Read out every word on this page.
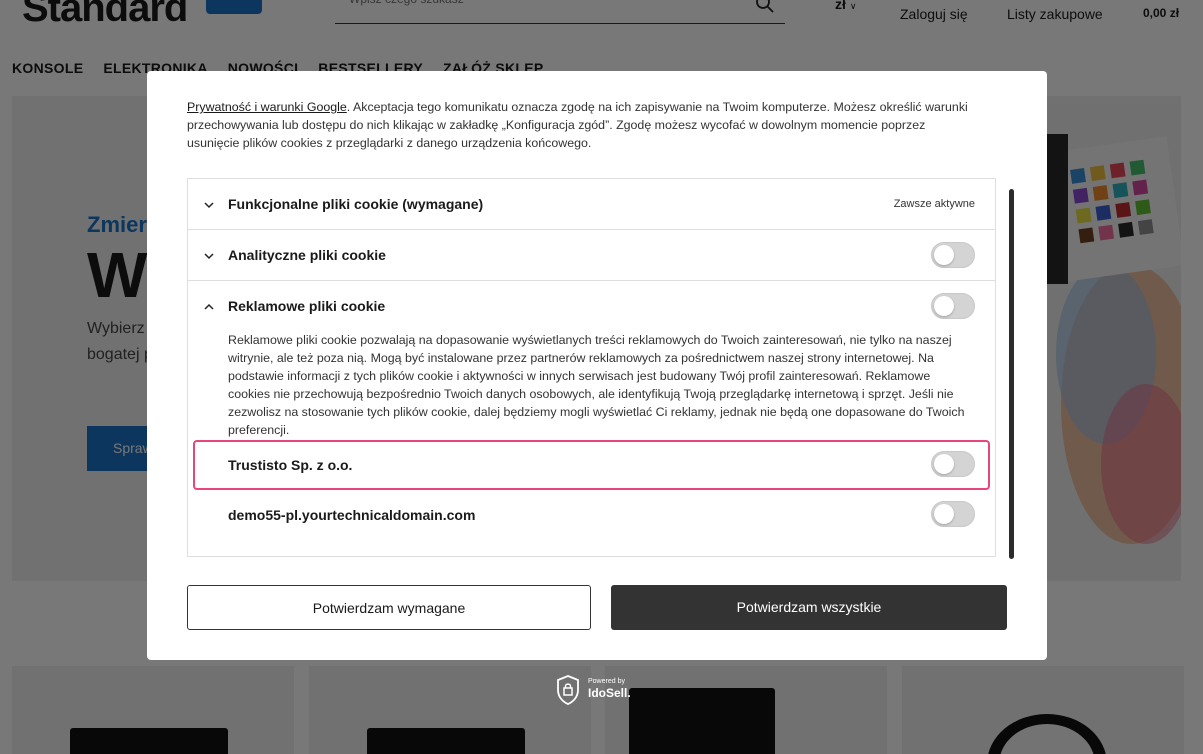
Wpisz czego szukasz

Prywatność i warunki Google. Akceptacja tego komunikatu oznacza zgodę na ich zapisywanie na Twoim komputerze. Możesz określić warunki przechowywania lub dostępu do nich klikając w zakładkę „Konfiguracja zgód”. Zgodę możesz wycofać w dowolnym momencie poprzez usunięcie plików cookies z przeglądarki z danego urządzenia końcowego.

Funkcjonalne pliki cookie (wymagane)	Zawsze aktywne
Analityczne pliki cookie
Reklamowe pliki cookie

Reklamowe pliki cookie pozwalają na dopasowanie wyświetlanych treści reklamowych do Twoich zainteresowań, nie tylko na naszej witrynie, ale też poza nią. Mogą być instalowane przez partnerów reklamowych za pośrednictwem naszej strony internetowej. Na podstawie informacji z tych plików cookie i aktywności w innych serwisach jest budowany Twój profil zainteresowań. Reklamowe cookies nie przechowują bezpośrednio Twoich danych osobowych, ale identyfikują Twoją przeglądarkę internetową i sprzęt. Jeśli nie zezwolisz na stosowanie tych plików cookie, dalej będziemy mogli wyświetlać Ci reklamy, jednak nie będą one dopasowane do Twoich preferencji.

Trustisto Sp. z o.o.
demo55-pl.yourtechnicaldomain.com
Potwierdzam wymagane	Potwierdzam wszystkie
Powered by
IdoSell.
